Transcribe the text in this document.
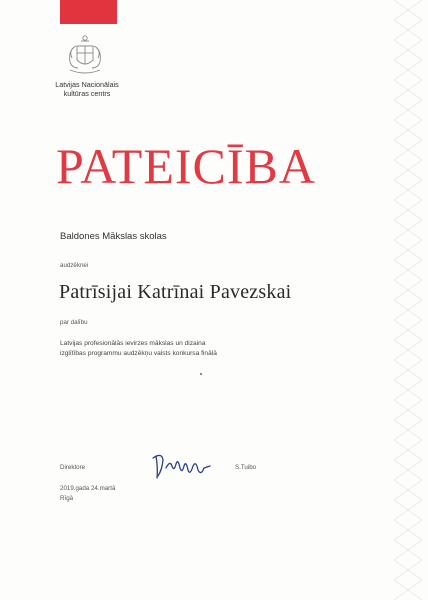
Latvijas Nacionālais
kultūras centrs
PATEICĪBA
Baldones Mākslas skolas
audzēknei
Patrīsijai Katrīnai Pavezskai
par dalību
Latvijas profesionālās ievirzes mākslas un dizaina
izglītības programmu audzēkņu valsts konkursa finālā
Direktore	S.Tuibo
2019.gada 24.martā
Rīgā
